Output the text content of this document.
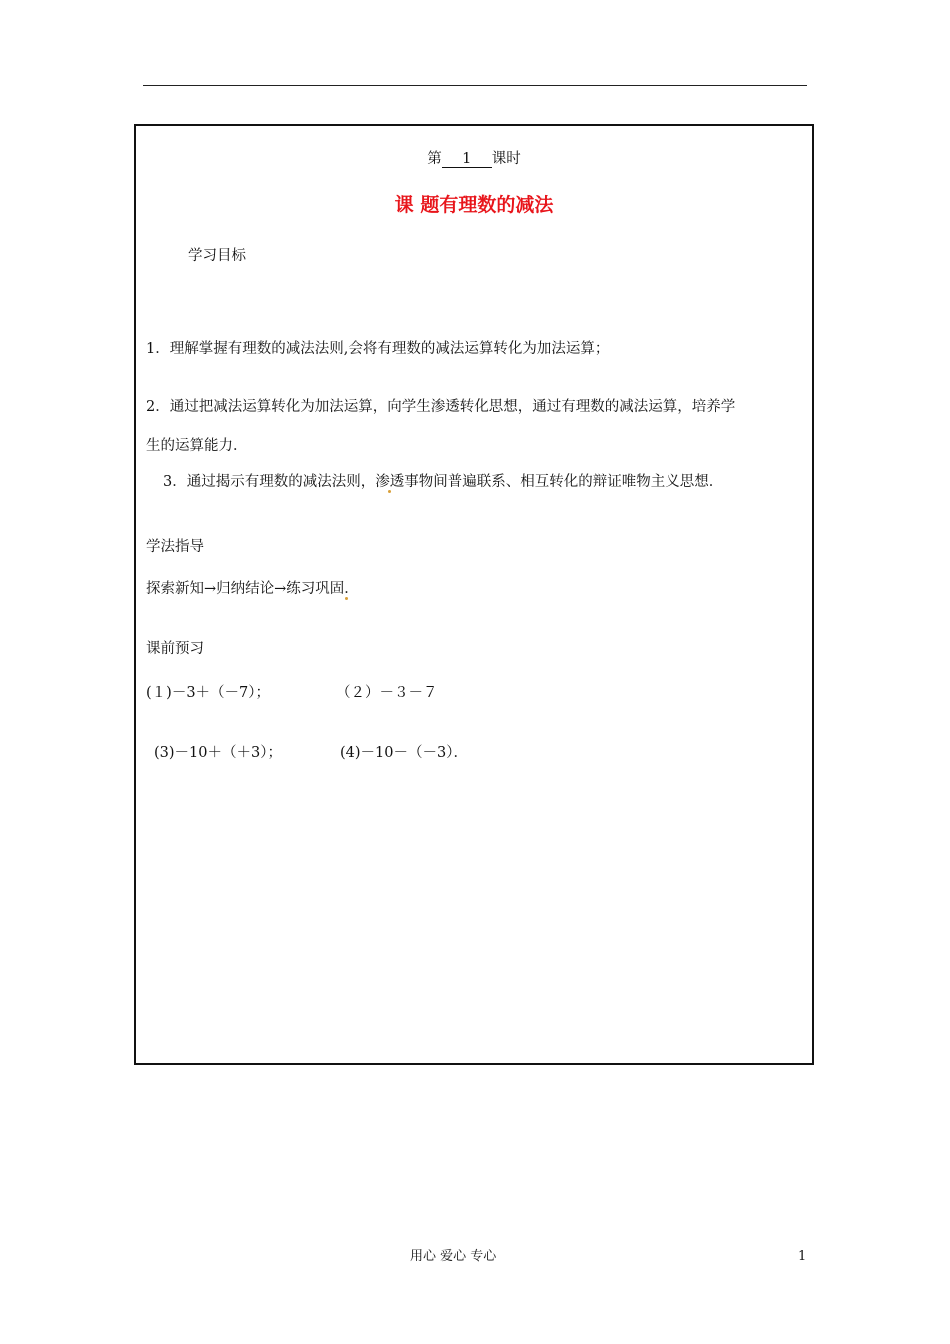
第 1 课时
课 题有理数的减法
学习目标
1．理解掌握有理数的减法法则,会将有理数的减法运算转化为加法运算；
2．通过把减法运算转化为加法运算，向学生渗透转化思想，通过有理数的减法运算，培养学
生的运算能力．
3．通过揭示有理数的减法法则，渗透事物间普遍联系、相互转化的辩证唯物主义思想．
学法指导
探索新知→归纳结论→练习巩固．
课前预习
(１)－3＋（－7）；	（２）－３－７
(3)－10＋（＋3）；	(4)－10－（－3）．
用心 爱心 专心	1
